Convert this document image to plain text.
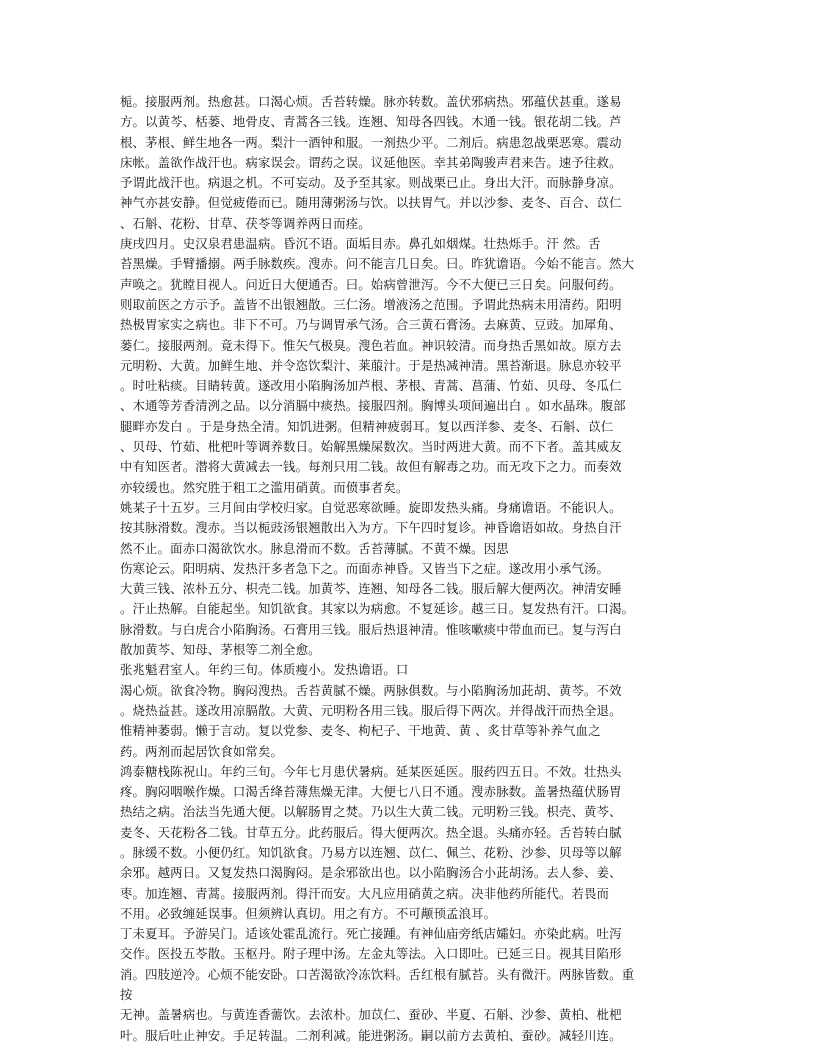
栀。接服两剂。热愈甚。口渴心烦。舌苔转燥。脉亦转数。盖伏邪病热。邪蕴伏甚重。遂易
方。以黄芩、栝蒌、地骨皮、青蒿各三钱。连翘、知母各四钱。木通一钱。银花胡二钱。芦
根、茅根、鲜生地各一两。梨汁一酒钟和服。一剂热少平。二剂后。病患忽战栗恶寒。震动
床帐。盖欲作战汗也。病家误会。谓药之误。议延他医。幸其弟陶骏声君来告。速予往救。
予谓此战汗也。病退之机。不可妄动。及予至其家。则战栗已止。身出大汗。而脉静身凉。
神气亦甚安静。但觉疲倦而已。随用薄粥汤与饮。以扶胃气。并以沙参、麦冬、百合、苡仁
、石斛、花粉、甘草、茯苓等调养两日而痊。
庚戌四月。史汉泉君患温病。昏沉不语。面垢目赤。鼻孔如烟煤。壮热烁手。汗 然。舌
苔黑燥。手臂播搦。两手脉数疾。溲赤。问不能言几日矣。曰。昨犹谵语。今始不能言。然大
声唤之。犹瞠目视人。问近日大便通否。曰。始病曾泄泻。今不大便已三日矣。问服何药。
则取前医之方示予。盖皆不出银翘散。三仁汤。增液汤之范围。予谓此热病未用清药。阳明
热极胃家实之病也。非下不可。乃与调胃承气汤。合三黄石膏汤。去麻黄、豆豉。加犀角、
蒌仁。接服两剂。竟未得下。惟矢气极臭。溲色若血。神识较清。而身热舌黑如故。原方去
元明粉、大黄。加鲜生地、并令恣饮梨汁、莱菔汁。于是热减神清。黑苔渐退。脉息亦较平
。时吐粘痰。目睛转黄。遂改用小陷胸汤加芦根、茅根、青蒿、菖蒲、竹茹、贝母、冬瓜仁
、木通等芳香清洌之品。以分消膈中痰热。接服四剂。胸博头项间遍出白 。如水晶珠。腹部
腿畔亦发白 。于是身热全清。知饥进粥。但精神疲弱耳。复以西洋参、麦冬、石斛、苡仁
、贝母、竹茹、枇杷叶等调养数日。始解黑燥屎数次。当时两进大黄。而不下者。盖其威友
中有知医者。潜将大黄减去一钱。每剂只用二钱。故但有解毒之功。而无攻下之力。而奏效
亦较缓也。然究胜于粗工之滥用硝黄。而偾事者矣。
姚某子十五岁。三月间由学校归家。自觉恶寒欲睡。旋即发热头痛。身痛谵语。不能识人。
按其脉滑数。溲赤。当以栀豉汤银翘散出入为方。下午四时复诊。神昏谵语如故。身热自汗
然不止。面赤口渴欲饮水。脉息滑而不数。舌苔薄腻。不黄不燥。因思
伤寒论云。阳明病、发热汗多者急下之。而面赤神昏。又皆当下之症。遂改用小承气汤。
大黄三钱、浓朴五分、枳壳二钱。加黄芩、连翘、知母各二钱。服后解大便两次。神清安睡
。汗止热解。自能起坐。知饥欲食。其家以为病愈。不复延诊。越三日。复发热有汗。口渴。
脉滑数。与白虎合小陷胸汤。石膏用三钱。服后热退神清。惟咳嗽痰中带血而已。复与泻白
散加黄芩、知母、茅根等二剂全愈。
张兆魁君室人。年约三旬。体质瘦小。发热谵语。口
渴心烦。欲食冷物。胸闷溲热。舌苔黄腻不燥。两脉俱数。与小陷胸汤加茈胡、黄芩。不效
。烧热益甚。遂改用凉膈散。大黄、元明粉各用三钱。服后得下两次。并得战汗而热全退。
惟精神萎弱。懒于言动。复以党参、麦冬、枸杞子、干地黄、黄 、炙甘草等补养气血之
药。两剂而起居饮食如常矣。
鸿泰糖栈陈祝山。年约三旬。今年七月患伏暑病。延某医延医。服药四五日。不效。壮热头
疼。胸闷咽喉作燥。口渴舌绛苔薄焦燥无津。大便七八日不通。溲赤脉数。盖暑热蕴伏肠胃
热结之病。治法当先通大便。以解肠胃之焚。乃以生大黄二钱。元明粉三钱。枳壳、黄芩、
麦冬、天花粉各二钱。甘草五分。此药服后。得大便两次。热全退。头痛亦轻。舌苔转白腻
。脉缓不数。小便仍红。知饥欲食。乃易方以连翘、苡仁、佩兰、花粉、沙参、贝母等以解
余邪。越两日。又复发热口渴胸闷。是余邪欲出也。以小陷胸汤合小茈胡汤。去人参、姜、
枣。加连翘、青蒿。接服两剂。得汗而安。大凡应用硝黄之病。决非他药所能代。若畏而
不用。必致缠延误事。但须辨认真切。用之有方。不可颟顸孟浪耳。
丁未夏耳。予游吴门。适该处霍乱流行。死亡接踵。有神仙庙旁纸店孀妇。亦染此病。吐泻
交作。医投五苓散。玉枢丹。附子理中汤。左金丸等法。入口即吐。已延三日。视其目陷形
消。四肢逆冷。心烦不能安卧。口苦渴欲冷冻饮料。舌红根有腻苔。头有微汗。两脉皆数。重
按
无神。盖暑病也。与黄连香薷饮。去浓朴。加苡仁、蚕砂、半夏、石斛、沙参、黄柏、枇杷
叶。服后吐止神安。手足转温。二剂利减。能进粥汤。嗣以前方去黄柏、蚕砂。减轻川连。
